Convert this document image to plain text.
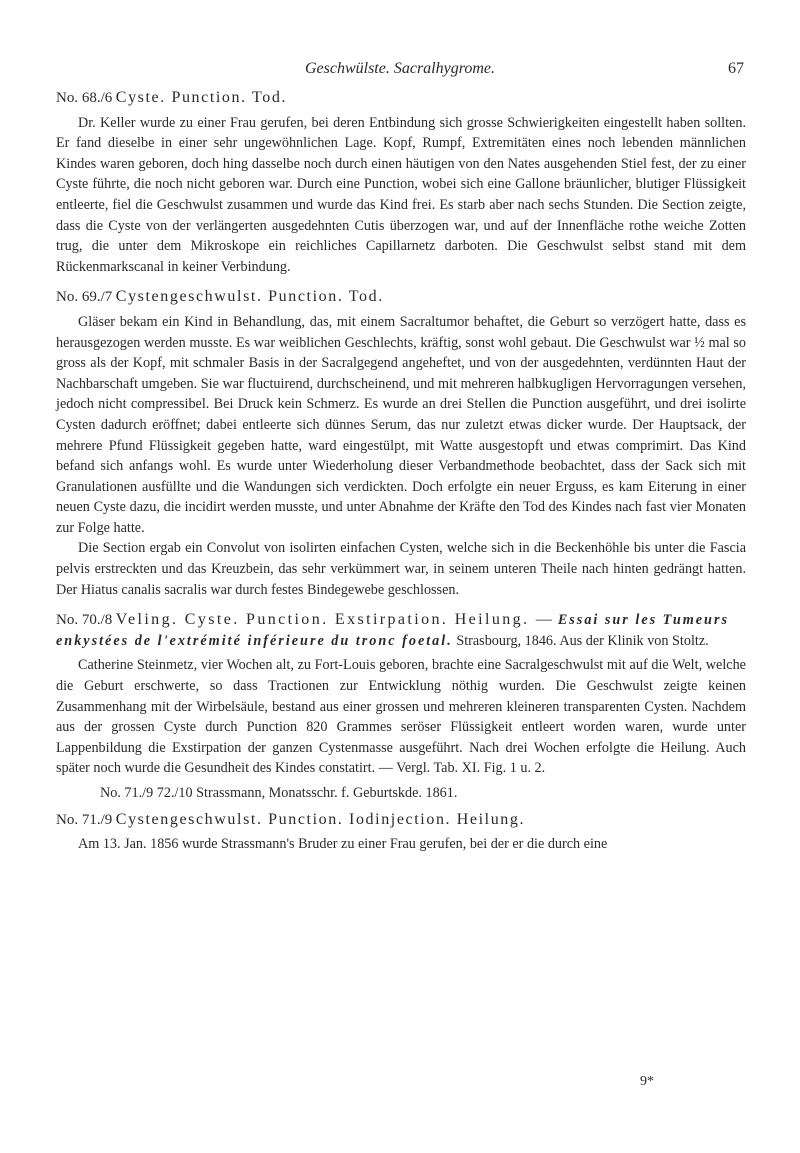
Geschwülste. Sacralhygrome.	67
No. 68./6 Cyste. Punction. Tod.

Dr. Keller wurde zu einer Frau gerufen, bei deren Entbindung sich grosse Schwierigkeiten eingestellt haben sollten. Er fand dieselbe in einer sehr ungewöhnlichen Lage. Kopf, Rumpf, Extremitäten eines noch lebenden männlichen Kindes waren geboren, doch hing dasselbe noch durch einen häutigen von den Nates ausgehenden Stiel fest, der zu einer Cyste führte, die noch nicht geboren war. Durch eine Punction, wobei sich eine Gallone bräunlicher, blutiger Flüssigkeit entleerte, fiel die Geschwulst zusammen und wurde das Kind frei. Es starb aber nach sechs Stunden. Die Section zeigte, dass die Cyste von der verlängerten ausgedehnten Cutis überzogen war, und auf der Innenfläche rothe weiche Zotten trug, die unter dem Mikroskope ein reichliches Capillarnetz darboten. Die Geschwulst selbst stand mit dem Rückenmarkscanal in keiner Verbindung.

No. 69./7 Cystengeschwulst. Punction. Tod.

Gläser bekam ein Kind in Behandlung, das, mit einem Sacraltumor behaftet, die Geburt so verzögert hatte, dass es herausgezogen werden musste. Es war weiblichen Geschlechts, kräftig, sonst wohl gebaut. Die Geschwulst war ½ mal so gross als der Kopf, mit schmaler Basis in der Sacralgegend angeheftet, und von der ausgedehnten, verdünnten Haut der Nachbarschaft umgeben. Sie war fluctuirend, durchscheinend, und mit mehreren halbkugligen Hervorragungen versehen, jedoch nicht compressibel. Bei Druck kein Schmerz. Es wurde an drei Stellen die Punction ausgeführt, und drei isolirte Cysten dadurch eröffnet; dabei entleerte sich dünnes Serum, das nur zuletzt etwas dicker wurde. Der Hauptsack, der mehrere Pfund Flüssigkeit gegeben hatte, ward eingestülpt, mit Watte ausgestopft und etwas comprimirt. Das Kind befand sich anfangs wohl. Es wurde unter Wiederholung dieser Verbandmethode beobachtet, dass der Sack sich mit Granulationen ausfüllte und die Wandungen sich verdickten. Doch erfolgte ein neuer Erguss, es kam Eiterung in einer neuen Cyste dazu, die incidirt werden musste, und unter Abnahme der Kräfte den Tod des Kindes nach fast vier Monaten zur Folge hatte.

Die Section ergab ein Convolut von isolirten einfachen Cysten, welche sich in die Beckenhöhle bis unter die Fascia pelvis erstreckten und das Kreuzbein, das sehr verkümmert war, in seinem unteren Theile nach hinten gedrängt hatten. Der Hiatus canalis sacralis war durch festes Bindegewebe geschlossen.

No. 70./8 Veling. Cyste. Punction. Exstirpation. Heilung. — Essai sur les Tumeurs enkystées de l'extrémité inférieure du tronc foetal. Strasbourg, 1846. Aus der Klinik von Stoltz.

Catherine Steinmetz, vier Wochen alt, zu Fort-Louis geboren, brachte eine Sacralgeschwulst mit auf die Welt, welche die Geburt erschwerte, so dass Tractionen zur Entwicklung nöthig wurden. Die Geschwulst zeigte keinen Zusammenhang mit der Wirbelsäule, bestand aus einer grossen und mehreren kleineren transparenten Cysten. Nachdem aus der grossen Cyste durch Punction 820 Grammes seröser Flüssigkeit entleert worden waren, wurde unter Lappenbildung die Exstirpation der ganzen Cystenmasse ausgeführt. Nach drei Wochen erfolgte die Heilung. Auch später noch wurde die Gesundheit des Kindes constatirt. — Vergl. Tab. XI. Fig. 1 u. 2.

No. 71./9 72./10 Strassmann, Monatsschr. f. Geburtskde. 1861.

No. 71./9 Cystengeschwulst. Punction. Iodinjection. Heilung.

Am 13. Jan. 1856 wurde Strassmann's Bruder zu einer Frau gerufen, bei der er die durch eine

9*
